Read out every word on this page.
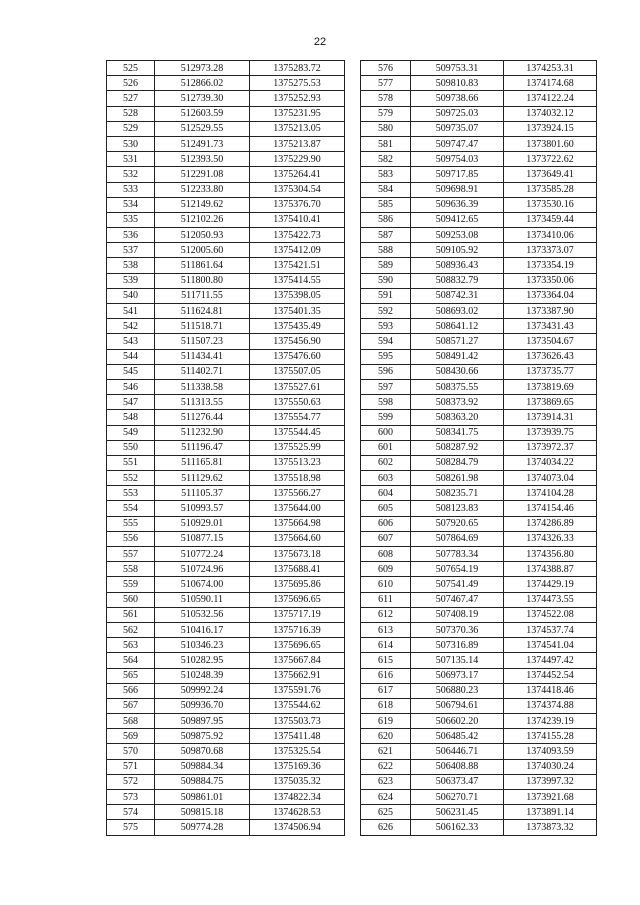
22
525	512973.28	1375283.72
526	512866.02	1375275.53
527	512739.30	1375252.93
528	512603.59	1375231.95
529	512529.55	1375213.05
530	512491.73	1375213.87
531	512393.50	1375229.90
532	512291.08	1375264.41
533	512233.80	1375304.54
534	512149.62	1375376.70
535	512102.26	1375410.41
536	512050.93	1375422.73
537	512005.60	1375412.09
538	511861.64	1375421.51
539	511800.80	1375414.55
540	511711.55	1375398.05
541	511624.81	1375401.35
542	511518.71	1375435.49
543	511507.23	1375456.90
544	511434.41	1375476.60
545	511402.71	1375507.05
546	511338.58	1375527.61
547	511313.55	1375550.63
548	511276.44	1375554.77
549	511232.90	1375544.45
550	511196.47	1375525.99
551	511165.81	1375513.23
552	511129.62	1375518.98
553	511105.37	1375566.27
554	510993.57	1375644.00
555	510929.01	1375664.98
556	510877.15	1375664.60
557	510772.24	1375673.18
558	510724.96	1375688.41
559	510674.00	1375695.86
560	510590.11	1375696.65
561	510532.56	1375717.19
562	510416.17	1375716.39
563	510346.23	1375696.65
564	510282.95	1375667.84
565	510248.39	1375662.91
566	509992.24	1375591.76
567	509936.70	1375544.62
568	509897.95	1375503.73
569	509875.92	1375411.48
570	509870.68	1375325.54
571	509884.34	1375169.36
572	509884.75	1375035.32
573	509861.01	1374822.34
574	509815.18	1374628.53
575	509774.28	1374506.94
576	509753.31	1374253.31
577	509810.83	1374174.68
578	509738.66	1374122.24
579	509725.03	1374032.12
580	509735.07	1373924.15
581	509747.47	1373801.60
582	509754.03	1373722.62
583	509717.85	1373649.41
584	509698.91	1373585.28
585	509636.39	1373530.16
586	509412.65	1373459.44
587	509253.08	1373410.06
588	509105.92	1373373.07
589	508936.43	1373354.19
590	508832.79	1373350.06
591	508742.31	1373364.04
592	508693.02	1373387.90
593	508641.12	1373431.43
594	508571.27	1373504.67
595	508491.42	1373626.43
596	508430.66	1373735.77
597	508375.55	1373819.69
598	508373.92	1373869.65
599	508363.20	1373914.31
600	508341.75	1373939.75
601	508287.92	1373972.37
602	508284.79	1374034.22
603	508261.98	1374073.04
604	508235.71	1374104.28
605	508123.83	1374154.46
606	507920.65	1374286.89
607	507864.69	1374326.33
608	507783.34	1374356.80
609	507654.19	1374388.87
610	507541.49	1374429.19
611	507467.47	1374473.55
612	507408.19	1374522.08
613	507370.36	1374537.74
614	507316.89	1374541.04
615	507135.14	1374497.42
616	506973.17	1374452.54
617	506880.23	1374418.46
618	506794.61	1374374.88
619	506602.20	1374239.19
620	506485.42	1374155.28
621	506446.71	1374093.59
622	506408.88	1374030.24
623	506373.47	1373997.32
624	506270.71	1373921.68
625	506231.45	1373891.14
626	506162.33	1373873.32
